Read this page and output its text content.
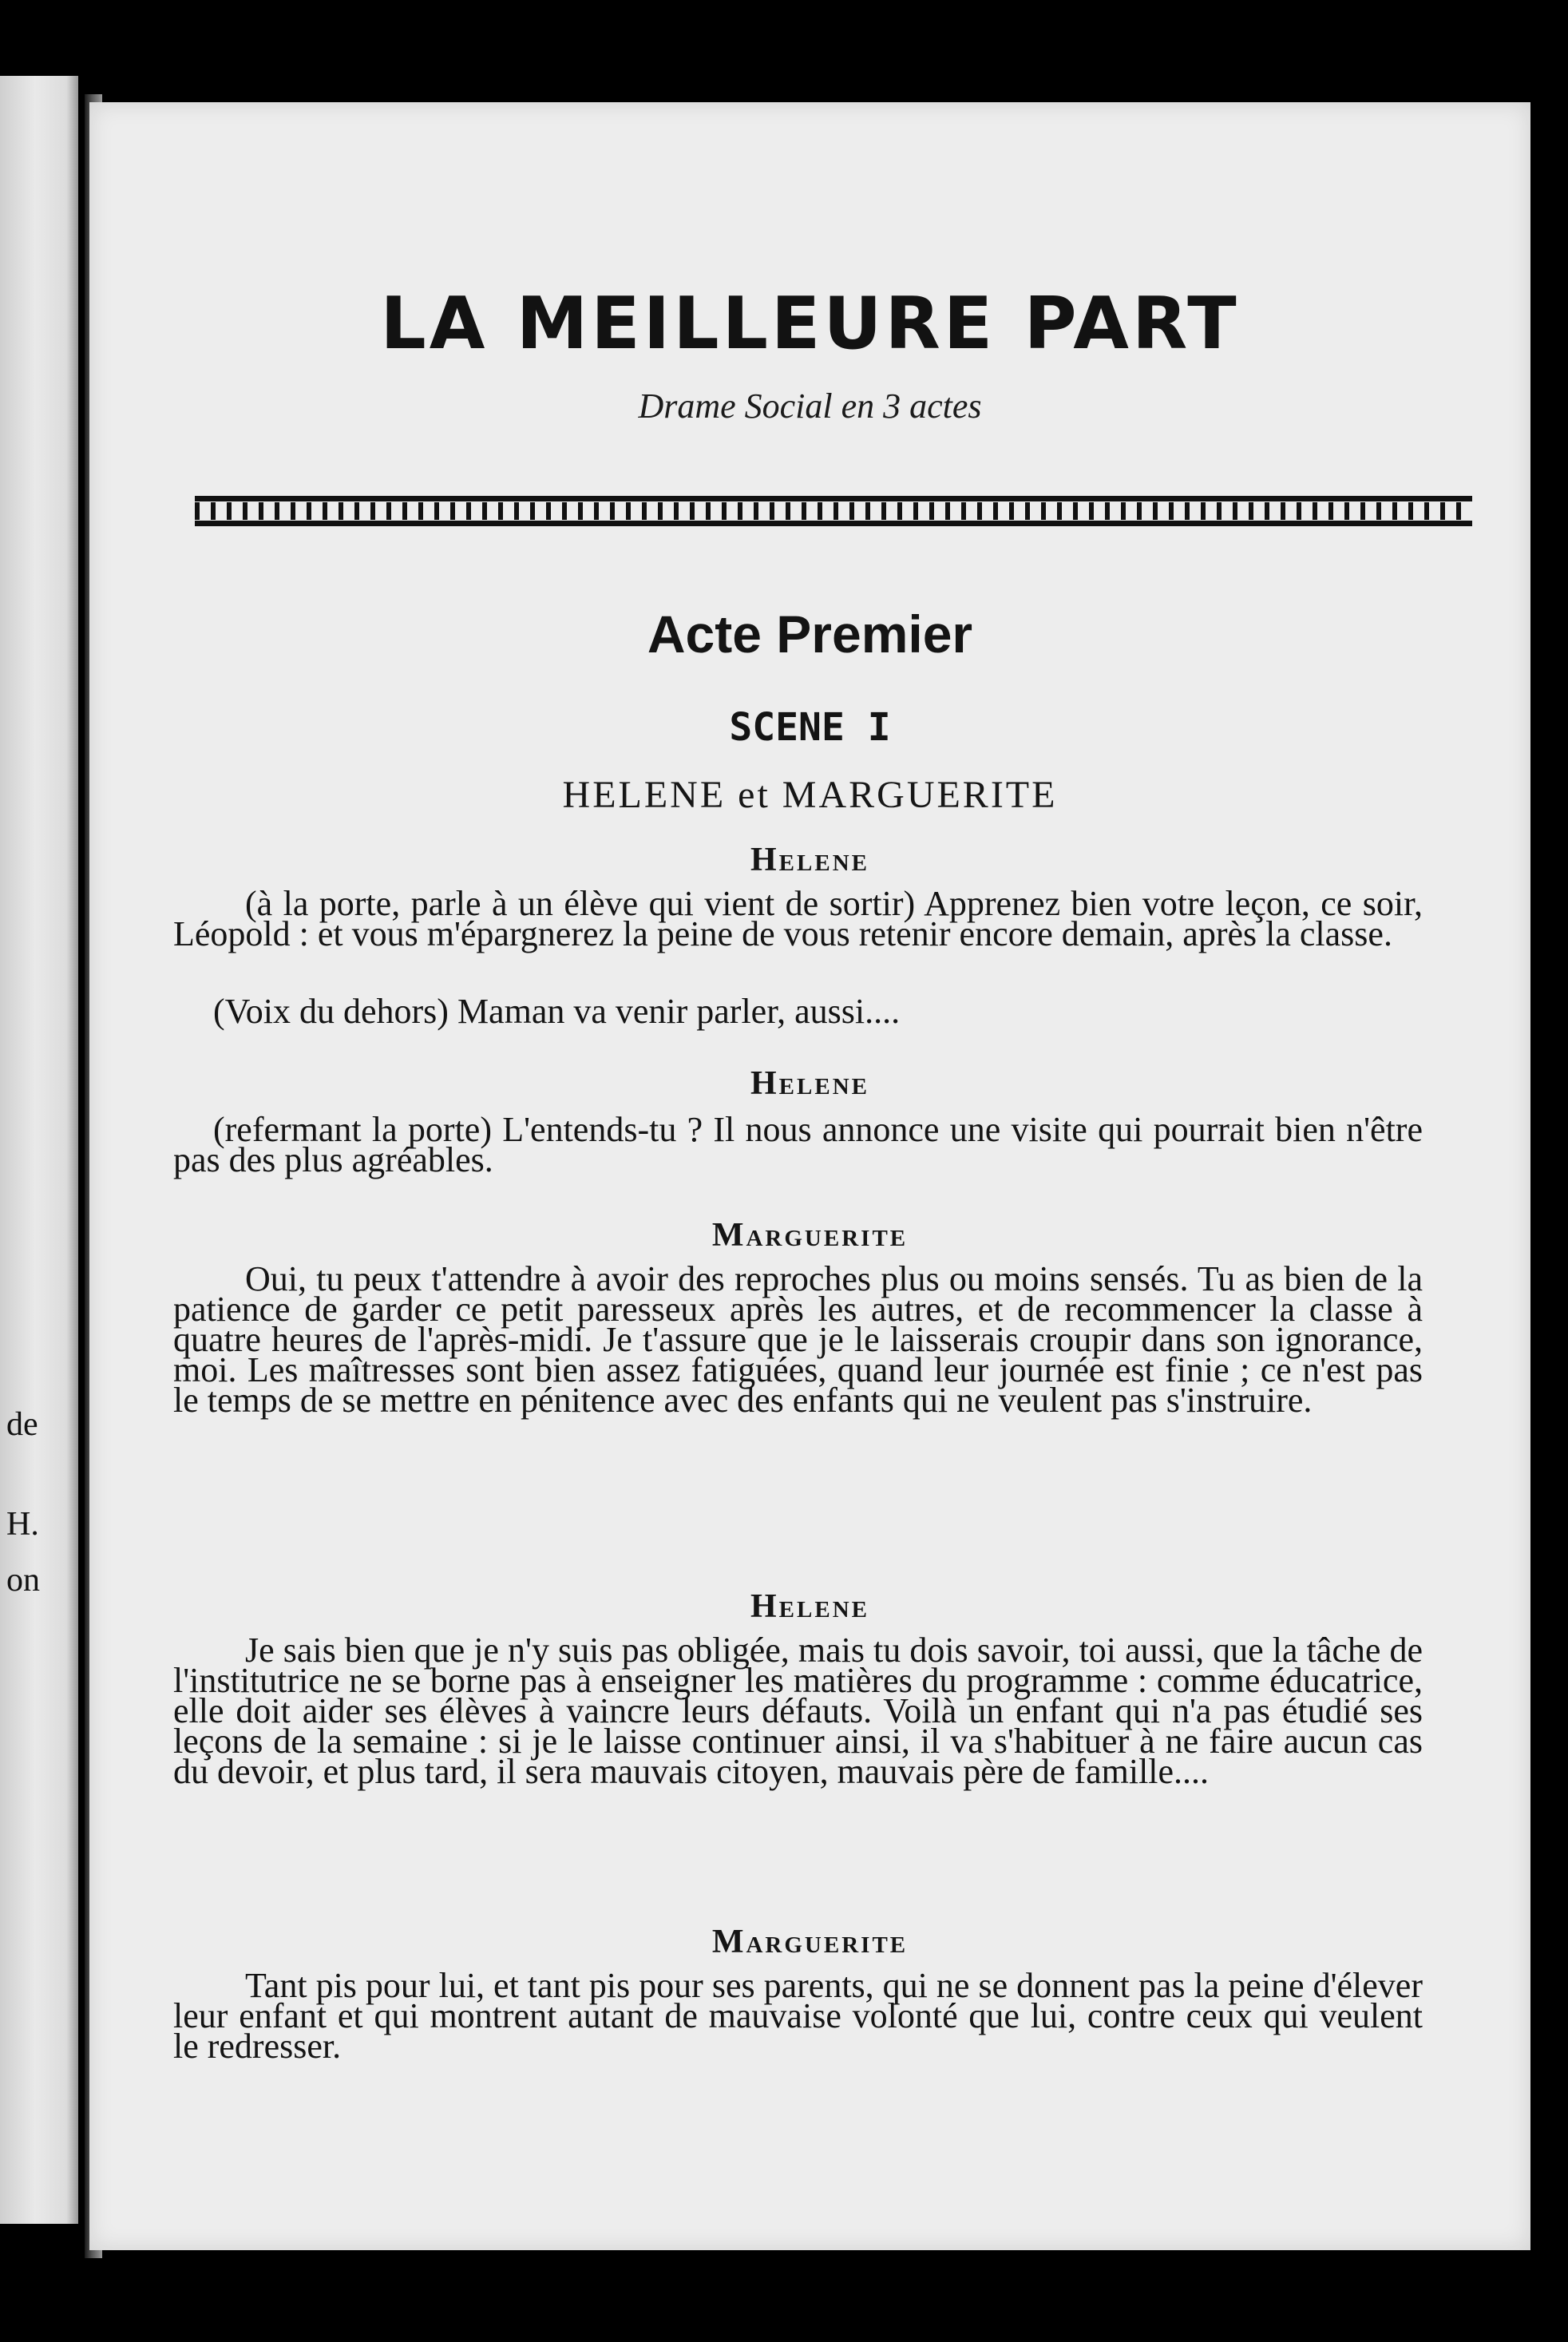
de
H.
on
LA MEILLEURE PART
Drame Social en 3 actes
Acte Premier
SCENE I
HELENE et MARGUERITE
Helene
(à la porte, parle à un élève qui vient de sortir) Apprenez bien votre leçon, ce soir, Léopold : et vous m'épargnerez la peine de vous retenir encore demain, après la classe.
(Voix du dehors) Maman va venir parler, aussi....
Helene
(refermant la porte) L'entends-tu ? Il nous annonce une visite qui pourrait bien n'être pas des plus agréables.
Marguerite
Oui, tu peux t'attendre à avoir des reproches plus ou moins sensés. Tu as bien de la patience de garder ce petit paresseux après les autres, et de recommencer la classe à quatre heures de l'après-midi. Je t'assure que je le laisserais croupir dans son ignorance, moi. Les maîtresses sont bien assez fatiguées, quand leur journée est finie ; ce n'est pas le temps de se mettre en pénitence avec des enfants qui ne veulent pas s'instruire.
Helene
Je sais bien que je n'y suis pas obligée, mais tu dois savoir, toi aussi, que la tâche de l'institutrice ne se borne pas à enseigner les matières du programme : comme éducatrice, elle doit aider ses élèves à vaincre leurs défauts. Voilà un enfant qui n'a pas étudié ses leçons de la semaine : si je le laisse continuer ainsi, il va s'habituer à ne faire aucun cas du devoir, et plus tard, il sera mauvais citoyen, mauvais père de famille....
Marguerite
Tant pis pour lui, et tant pis pour ses parents, qui ne se donnent pas la peine d'élever leur enfant et qui montrent autant de mauvaise volonté que lui, contre ceux qui veulent le redresser.
